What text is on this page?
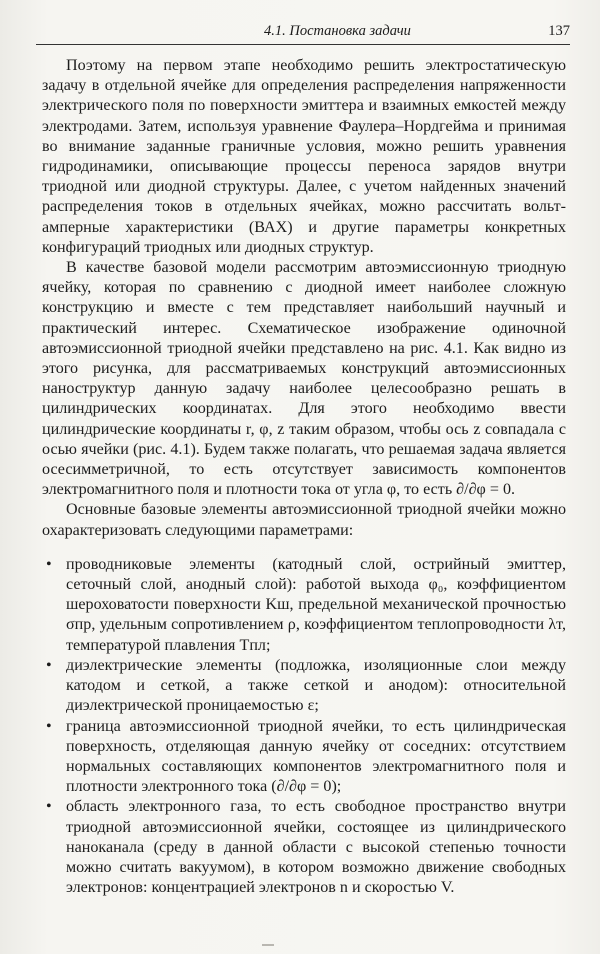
4.1. Постановка задачи	137

Поэтому на первом этапе необходимо решить электростатическую задачу в отдельной ячейке для определения распределения напряженности электрического поля по поверхности эмиттера и взаимных емкостей между электродами. Затем, используя уравнение Фаулера–Нордгейма и принимая во внимание заданные граничные условия, можно решить уравнения гидродинамики, описывающие процессы переноса зарядов внутри триодной или диодной структуры. Далее, с учетом найденных значений распределения токов в отдельных ячейках, можно рассчитать вольт-амперные характеристики (ВАХ) и другие параметры конкретных конфигураций триодных или диодных структур.

В качестве базовой модели рассмотрим автоэмиссионную триодную ячейку, которая по сравнению с диодной имеет наиболее сложную конструкцию и вместе с тем представляет наибольший научный и практический интерес. Схематическое изображение одиночной автоэмиссионной триодной ячейки представлено на рис. 4.1. Как видно из этого рисунка, для рассматриваемых конструкций автоэмиссионных наноструктур данную задачу наиболее целесообразно решать в цилиндрических координатах. Для этого необходимо ввести цилиндрические координаты r, φ, z таким образом, чтобы ось z совпадала с осью ячейки (рис. 4.1). Будем также полагать, что решаемая задача является осесимметричной, то есть отсутствует зависимость компонентов электромагнитного поля и плотности тока от угла φ, то есть ∂/∂φ = 0.

Основные базовые элементы автоэмиссионной триодной ячейки можно охарактеризовать следующими параметрами:

• проводниковые элементы (катодный слой, острийный эмиттер, сеточный слой, анодный слой): работой выхода φ₀, коэффициентом шероховатости поверхности Kш, предельной механической прочностью σпр, удельным сопротивлением ρ, коэффициентом теплопроводности λт, температурой плавления Tпл;
• диэлектрические элементы (подложка, изоляционные слои между катодом и сеткой, а также сеткой и анодом): относительной диэлектрической проницаемостью ε;
• граница автоэмиссионной триодной ячейки, то есть цилиндрическая поверхность, отделяющая данную ячейку от соседних: отсутствием нормальных составляющих компонентов электромагнитного поля и плотности электронного тока (∂/∂φ = 0);
• область электронного газа, то есть свободное пространство внутри триодной автоэмиссионной ячейки, состоящее из цилиндрического наноканала (среду в данной области с высокой степенью точности можно считать вакуумом), в котором возможно движение свободных электронов: концентрацией электронов n и скоростью V.
